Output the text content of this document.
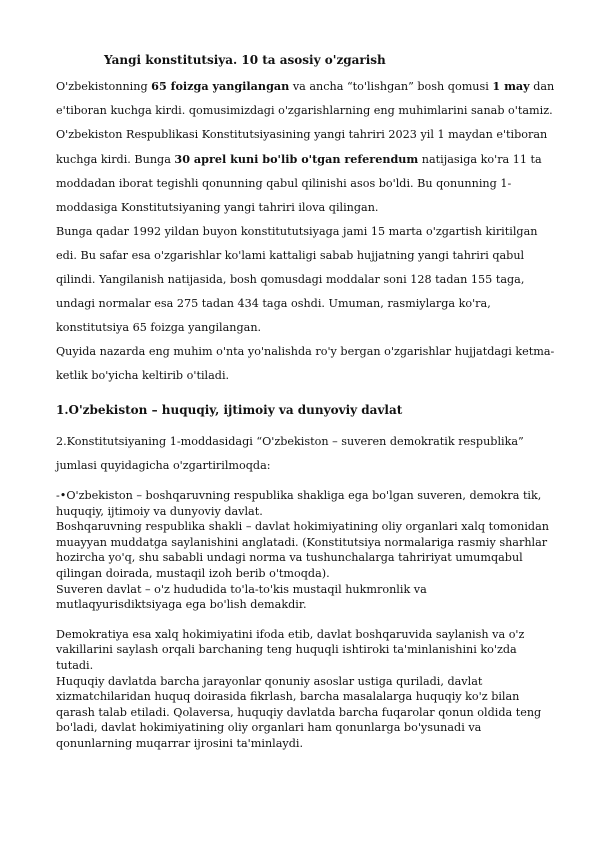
Yangi konstitutsiya. 10 ta asosiy o'zgarish

O'zbekistonning 65 foizga yangilangan va ancha “to'lishgan” bosh qomusi 1 may dan e'tiboran kuchga kirdi. qomusimizdagi o'zgarishlarning eng muhimlarini sanab o'tamiz. O'zbekiston Respublikasi Konstitutsiyasining yangi tahriri 2023 yil 1 maydan e'tiboran kuchga kirdi. Bunga 30 aprel kuni bo'lib o'tgan referendum natijasiga ko'ra 11 ta moddadan iborat tegishli qonunning qabul qilinishi asos bo'ldi. Bu qonunning 1-moddasiga Konstitutsiyaning yangi tahriri ilova qilingan.

Bunga qadar 1992 yildan buyon konstitututsiyaga jami 15 marta o'zgartish kiritilgan edi. Bu safar esa o'zgarishlar ko'lami kattaligi sabab hujjatning yangi tahriri qabul qilindi. Yangilanish natijasida, bosh qomusdagi moddalar soni 128 tadan 155 taga, undagi normalar esa 275 tadan 434 taga oshdi. Umuman, rasmiylarga ko'ra, konstitutsiya 65 foizga yangilangan.

Quyida nazarda eng muhim o'nta yo'nalishda ro'y bergan o'zgarishlar hujjatdagi ketma-ketlik bo'yicha keltirib o'tiladi.

1.O'zbekiston – huquqiy, ijtimoiy va dunyoviy davlat

2.Konstitutsiyaning 1-moddasidagi “O'zbekiston – suveren demokratik respublika” jumlasi quyidagicha o'zgartirilmoqda:

-•O'zbekiston – boshqaruvning respublika shakliga ega bo'lgan suveren, demokra tik, huquqiy, ijtimoiy va dunyoviy davlat.

Boshqaruvning respublika shakli – davlat hokimiyatining oliy organlari xalq tomonidan muayyan muddatga saylanishini anglatadi. (Konstitutsiya normalariga rasmiy sharhlar hozircha yo'q, shu sababli undagi norma va tushunchalarga tahririyat umumqabul qilingan doirada, mustaqil izoh berib o'tmoqda).

Suveren davlat – o'z hududida to'la-to'kis mustaqil hukmronlik va mutlaqyurisdiktsiyaga ega bo'lish demakdir.

Demokratiya esa xalq hokimiyatini ifoda etib, davlat boshqaruvida saylanish va o'z vakillarini saylash orqali barchaning teng huquqli ishtiroki ta'minlanishini ko'zda tutadi.

Huquqiy davlatda barcha jarayonlar qonuniy asoslar ustiga quriladi, davlat xizmatchilaridan huquq doirasida fikrlash, barcha masalalarga huquqiy ko'z bilan qarash talab etiladi. Qolaversa, huquqiy davlatda barcha fuqarolar qonun oldida teng bo'ladi, davlat hokimiyatining oliy organlari ham qonunlarga bo'ysunadi va qonunlarning muqarrar ijrosini ta'minlaydi.
